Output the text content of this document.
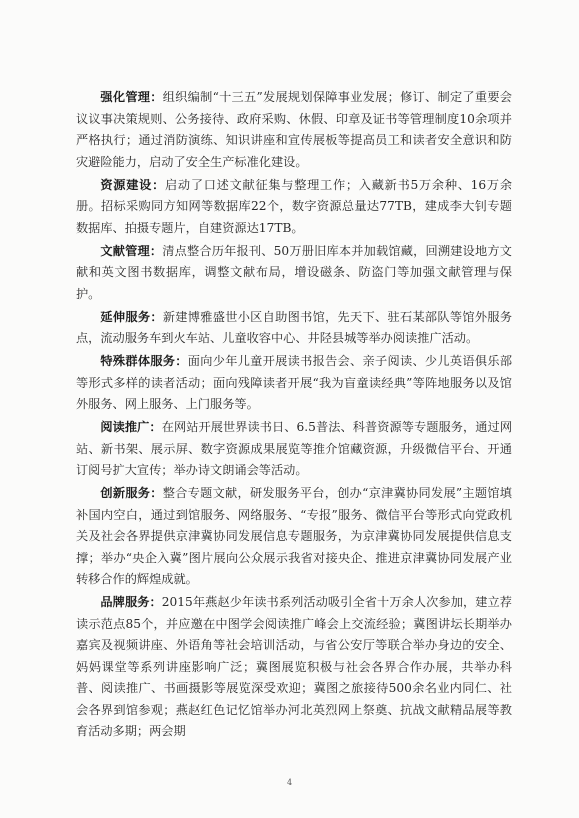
强化管理：组织编制“十三五”发展规划保障事业发展；修订、制定了重要会议议事决策规则、公务接待、政府采购、休假、印章及证书等管理制度10余项并严格执行；通过消防演练、知识讲座和宣传展板等提高员工和读者安全意识和防灾避险能力，启动了安全生产标准化建设。

资源建设：启动了口述文献征集与整理工作；入藏新书5万余种、16万余册。招标采购同方知网等数据库22个，数字资源总量达77TB，建成李大钊专题数据库、拍摄专题片，自建资源达17TB。

文献管理：清点整合历年报刊、50万册旧库本并加载馆藏，回溯建设地方文献和英文图书数据库，调整文献布局，增设磁条、防盗门等加强文献管理与保护。

延伸服务：新建博雅盛世小区自助图书馆，先天下、驻石某部队等馆外服务点，流动服务车到火车站、儿童收容中心、井陉县城等举办阅读推广活动。

特殊群体服务：面向少年儿童开展读书报告会、亲子阅读、少儿英语俱乐部等形式多样的读者活动；面向残障读者开展“我为盲童读经典”等阵地服务以及馆外服务、网上服务、上门服务等。

阅读推广：在网站开展世界读书日、6.5普法、科普资源等专题服务，通过网站、新书架、展示屏、数字资源成果展览等推介馆藏资源，升级微信平台、开通订阅号扩大宣传；举办诗文朗诵会等活动。

创新服务：整合专题文献，研发服务平台，创办“京津冀协同发展”主题馆填补国内空白，通过到馆服务、网络服务、“专报”服务、微信平台等形式向党政机关及社会各界提供京津冀协同发展信息专题服务，为京津冀协同发展提供信息支撑；举办“央企入冀”图片展向公众展示我省对接央企、推进京津冀协同发展产业转移合作的辉煌成就。

品牌服务：2015年燕赵少年读书系列活动吸引全省十万余人次参加，建立荐读示范点85个，并应邀在中图学会阅读推广峰会上交流经验；冀图讲坛长期举办嘉宾及视频讲座、外语角等社会培训活动，与省公安厅等联合举办身边的安全、妈妈课堂等系列讲座影响广泛；冀图展览积极与社会各界合作办展，共举办科普、阅读推广、书画摄影等展览深受欢迎；冀图之旅接待500余名业内同仁、社会各界到馆参观；燕赵红色记忆馆举办河北英烈网上祭奠、抗战文献精品展等教育活动多期；两会期

4
